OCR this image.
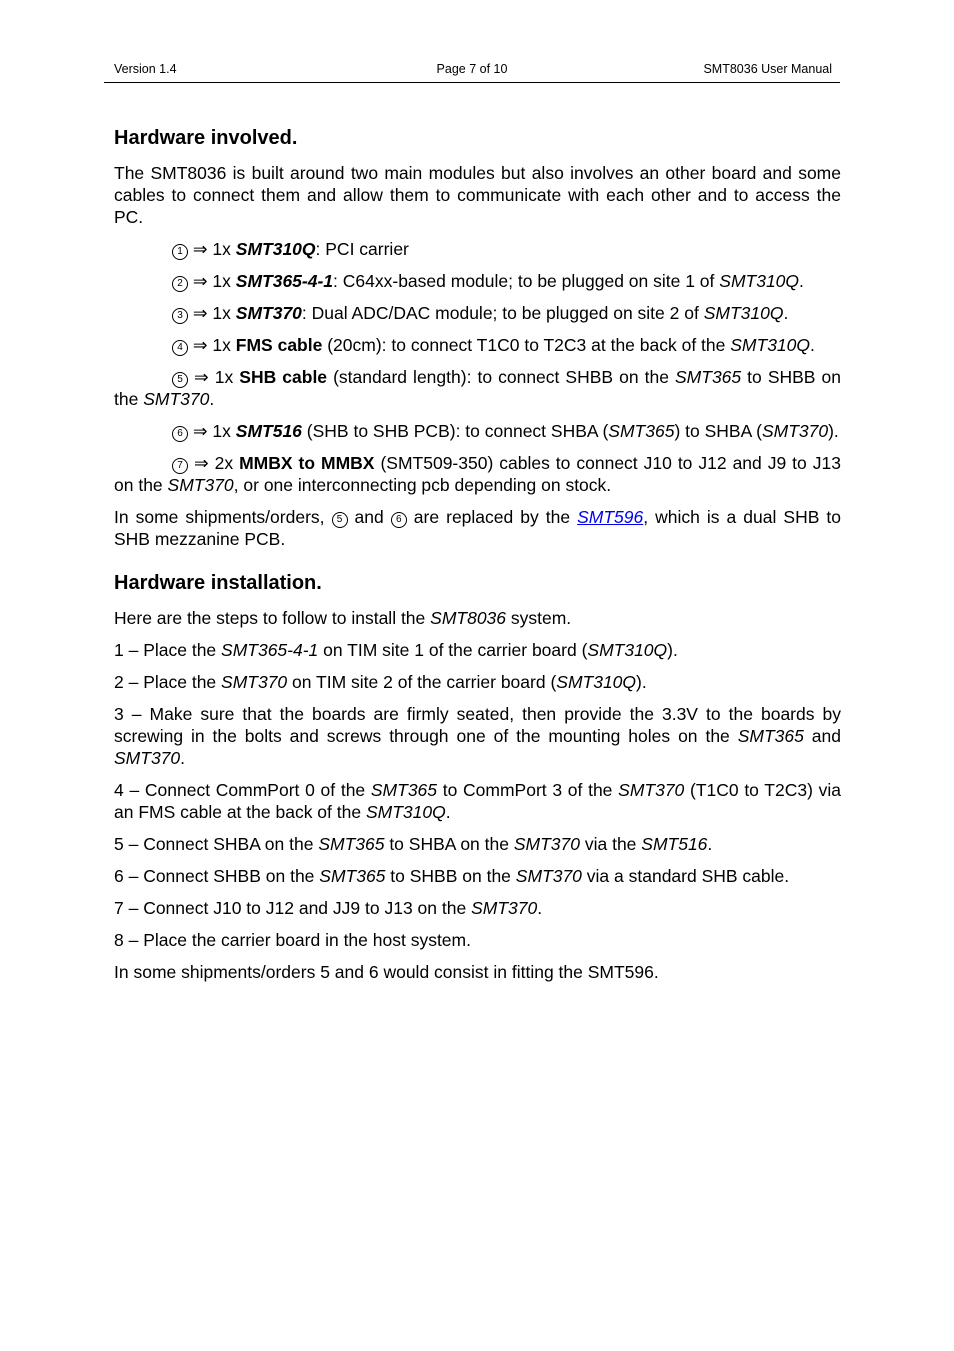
Version 1.4	Page 7 of 10	SMT8036 User Manual
Hardware involved.

The SMT8036 is built around two main modules but also involves an other board and some cables to connect them and allow them to communicate with each other and to access the PC.

1 ⇒ 1x SMT310Q: PCI carrier

2 ⇒ 1x SMT365-4-1: C64xx-based module; to be plugged on site 1 of SMT310Q.

3 ⇒ 1x SMT370: Dual ADC/DAC module; to be plugged on site 2 of SMT310Q.

4 ⇒ 1x FMS cable (20cm): to connect T1C0 to T2C3 at the back of the SMT310Q.

5 ⇒ 1x SHB cable (standard length): to connect SHBB on the SMT365 to SHBB on the SMT370.

6 ⇒ 1x SMT516 (SHB to SHB PCB): to connect SHBA (SMT365) to SHBA (SMT370).

7 ⇒ 2x MMBX to MMBX (SMT509-350) cables to connect J10 to J12 and J9 to J13 on the SMT370, or one interconnecting pcb depending on stock.

In some shipments/orders, 5 and 6 are replaced by the SMT596, which is a dual SHB to SHB mezzanine PCB.

Hardware installation.

Here are the steps to follow to install the SMT8036 system.

1 – Place the SMT365-4-1 on TIM site 1 of the carrier board (SMT310Q).

2 – Place the SMT370 on TIM site 2 of the carrier board (SMT310Q).

3 – Make sure that the boards are firmly seated, then provide the 3.3V to the boards by screwing in the bolts and screws through one of the mounting holes on the SMT365 and SMT370.

4 – Connect CommPort 0 of the SMT365 to CommPort 3 of the SMT370 (T1C0 to T2C3) via an FMS cable at the back of the SMT310Q.

5 – Connect SHBA on the SMT365 to SHBA on the SMT370 via the SMT516.

6 – Connect SHBB on the SMT365 to SHBB on the SMT370 via a standard SHB cable.

7 – Connect J10 to J12 and JJ9 to J13 on the SMT370.

8 – Place the carrier board in the host system.

In some shipments/orders 5 and 6 would consist in fitting the SMT596.
